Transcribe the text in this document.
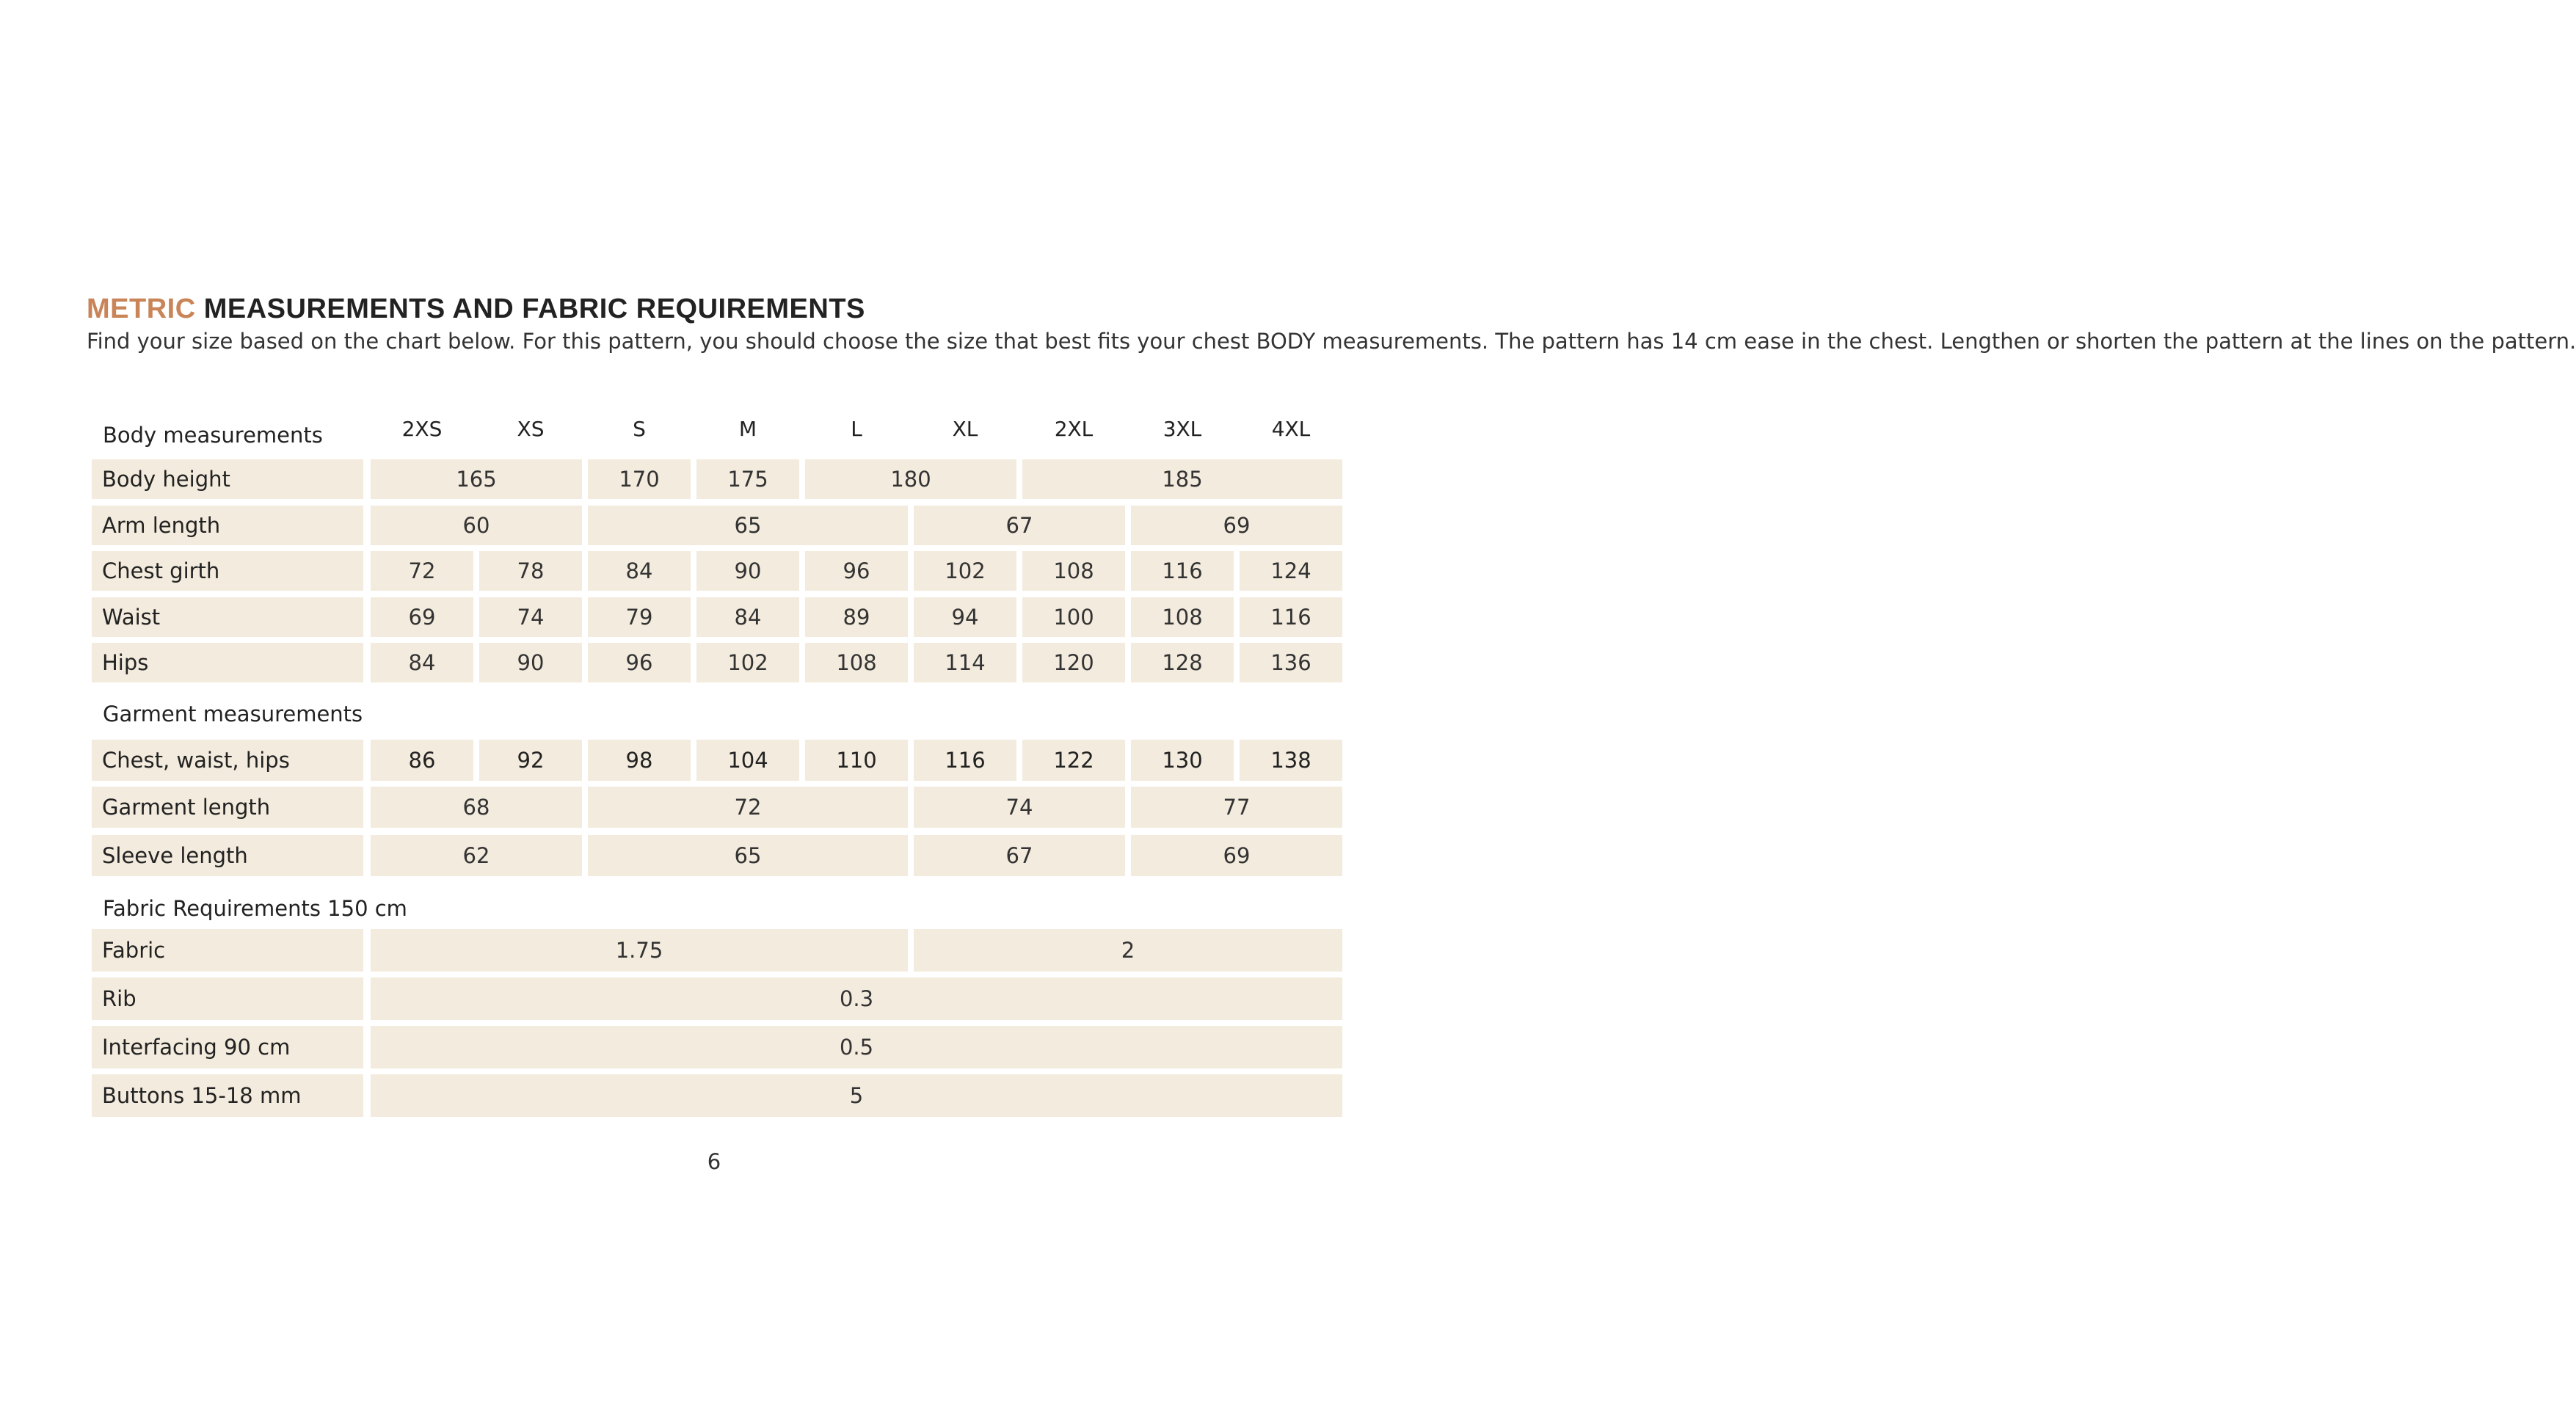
METRIC MEASUREMENTS AND FABRIC REQUIREMENTS

Find your size based on the chart below. For this pattern, you should choose the size that best fits your chest BODY measurements. The pattern has 14 cm ease in the chest. Lengthen or shorten the pattern at the lines on the pattern.

2XS	XS	S	M	L	XL	2XL	3XL	4XL
Body measurements
Body height	165	170	175	180	185
Arm length	60	65	67	69
Chest girth	72	78	84	90	96	102	108	116	124
Waist	69	74	79	84	89	94	100	108	116
Hips	84	90	96	102	108	114	120	128	136
Garment measurements
Chest, waist, hips	86	92	98	104	110	116	122	130	138
Garment length	68	72	74	77
Sleeve length	62	65	67	69
Fabric Requirements 150 cm
Fabric	1.75	2
Rib	0.3
Interfacing 90 cm	0.5
Buttons 15-18 mm	5
6
